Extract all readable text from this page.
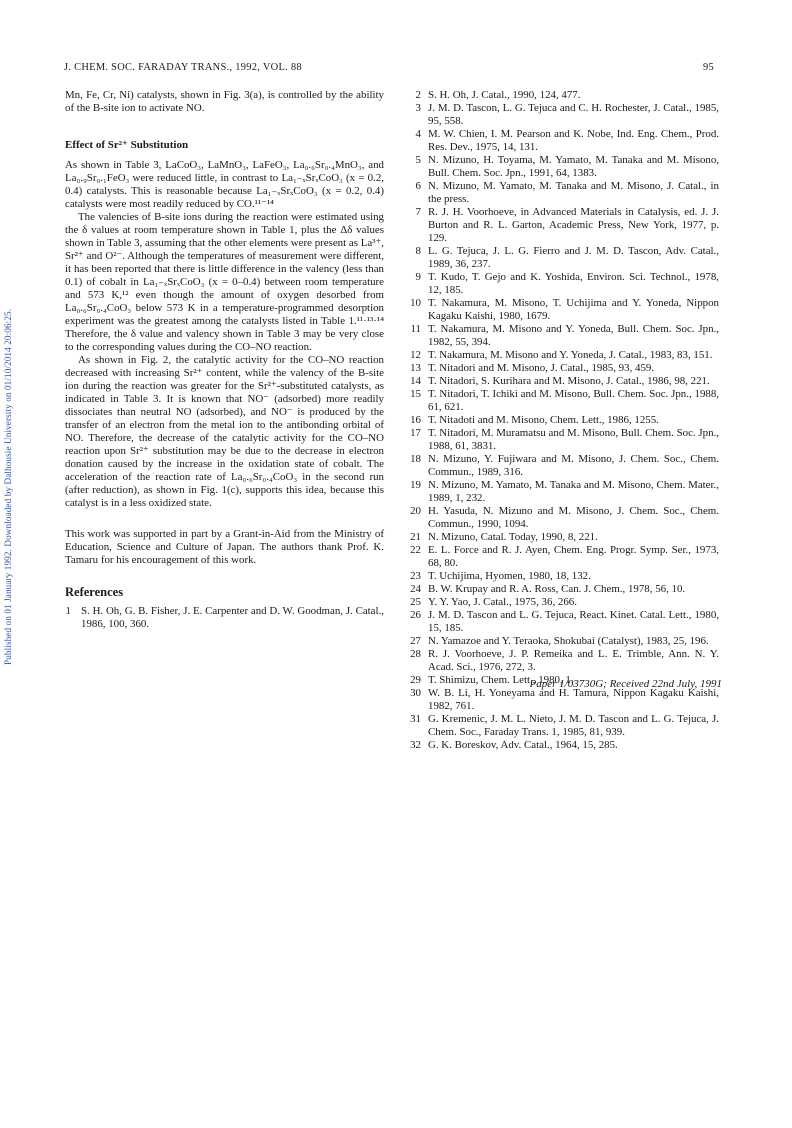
J. CHEM. SOC. FARADAY TRANS., 1992, VOL. 88	95
Published on 01 January 1992. Downloaded by Dalhousie University on 01/10/2014 20:06:25.

Mn, Fe, Cr, Ni) catalysts, shown in Fig. 3(a), is controlled by the ability of the B-site ion to activate NO.

Effect of Sr²⁺ Substitution

As shown in Table 3, LaCoO₃, LaMnO₃, LaFeO₃, La₀.₆Sr₀.₄MnO₃, and La₀.₉Sr₀.₁FeO₃ were reduced little, in contrast to La₁₋ₓSrₓCoO₃ (x = 0.2, 0.4) catalysts. This is reasonable because La₁₋ₓSrₓCoO₃ (x = 0.2, 0.4) catalysts were most readily reduced by CO.¹¹⁻¹⁴

The valencies of B-site ions during the reaction were estimated using the δ values at room temperature shown in Table 1, plus the Δδ values shown in Table 3, assuming that the other elements were present as La³⁺, Sr²⁺ and O²⁻. Although the temperatures of measurement were different, it has been reported that there is little difference in the valency (less than 0.1) of cobalt in La₁₋ₓSrₓCoO₃ (x = 0–0.4) between room temperature and 573 K,¹² even though the amount of oxygen desorbed from La₀.₆Sr₀.₄CoO₃ below 573 K in a temperature-programmed desorption experiment was the greatest among the catalysts listed in Table 1.¹¹·¹³·¹⁴ Therefore, the δ value and valency shown in Table 3 may be very close to the corresponding values during the CO–NO reaction.

As shown in Fig. 2, the catalytic activity for the CO–NO reaction decreased with increasing Sr²⁺ content, while the valency of the B-site ion during the reaction was greater for the Sr²⁺-substituted catalysts, as indicated in Table 3. It is known that NO⁻ (adsorbed) more readily dissociates than neutral NO (adsorbed), and NO⁻ is produced by the transfer of an electron from the metal ion to the antibonding orbital of NO. Therefore, the decrease of the catalytic activity for the CO–NO reaction upon Sr²⁺ substitution may be due to the decrease in electron donation caused by the increase in the oxidation state of cobalt. The acceleration of the reaction rate of La₀.₆Sr₀.₄CoO₃ in the second run (after reduction), as shown in Fig. 1(c), supports this idea, because this catalyst is in a less oxidized state.

This work was supported in part by a Grant-in-Aid from the Ministry of Education, Science and Culture of Japan. The authors thank Prof. K. Tamaru for his encouragement of this work.

References
1 S. H. Oh, G. B. Fisher, J. E. Carpenter and D. W. Goodman, J. Catal., 1986, 100, 360.
2 S. H. Oh, J. Catal., 1990, 124, 477.
3 J. M. D. Tascon, L. G. Tejuca and C. H. Rochester, J. Catal., 1985, 95, 558.
4 M. W. Chien, I. M. Pearson and K. Nobe, Ind. Eng. Chem., Prod. Res. Dev., 1975, 14, 131.
5 N. Mizuno, H. Toyama, M. Yamato, M. Tanaka and M. Misono, Bull. Chem. Soc. Jpn., 1991, 64, 1383.
6 N. Mizuno, M. Yamato, M. Tanaka and M. Misono, J. Catal., in the press.
7 R. J. H. Voorhoeve, in Advanced Materials in Catalysis, ed. J. J. Burton and R. L. Garton, Academic Press, New York, 1977, p. 129.
8 L. G. Tejuca, J. L. G. Fierro and J. M. D. Tascon, Adv. Catal., 1989, 36, 237.
9 T. Kudo, T. Gejo and K. Yoshida, Environ. Sci. Technol., 1978, 12, 185.
10 T. Nakamura, M. Misono, T. Uchijima and Y. Yoneda, Nippon Kagaku Kaishi, 1980, 1679.
11 T. Nakamura, M. Misono and Y. Yoneda, Bull. Chem. Soc. Jpn., 1982, 55, 394.
12 T. Nakamura, M. Misono and Y. Yoneda, J. Catal., 1983, 83, 151.
13 T. Nitadori and M. Misono, J. Catal., 1985, 93, 459.
14 T. Nitadori, S. Kurihara and M. Misono, J. Catal., 1986, 98, 221.
15 T. Nitadori, T. Ichiki and M. Misono, Bull. Chem. Soc. Jpn., 1988, 61, 621.
16 T. Nitadoti and M. Misono, Chem. Lett., 1986, 1255.
17 T. Nitadori, M. Muramatsu and M. Misono, Bull. Chem. Soc. Jpn., 1988, 61, 3831.
18 N. Mizuno, Y. Fujiwara and M. Misono, J. Chem. Soc., Chem. Commun., 1989, 316.
19 N. Mizuno, M. Yamato, M. Tanaka and M. Misono, Chem. Mater., 1989, 1, 232.
20 H. Yasuda, N. Mizuno and M. Misono, J. Chem. Soc., Chem. Commun., 1990, 1094.
21 N. Mizuno, Catal. Today, 1990, 8, 221.
22 E. L. Force and R. J. Ayen, Chem. Eng. Progr. Symp. Ser., 1973, 68, 80.
23 T. Uchijima, Hyomen, 1980, 18, 132.
24 B. W. Krupay and R. A. Ross, Can. J. Chem., 1978, 56, 10.
25 Y. Y. Yao, J. Catal., 1975, 36, 266.
26 J. M. D. Tascon and L. G. Tejuca, React. Kinet. Catal. Lett., 1980, 15, 185.
27 N. Yamazoe and Y. Teraoka, Shokubai (Catalyst), 1983, 25, 196.
28 R. J. Voorhoeve, J. P. Remeika and L. E. Trimble, Ann. N. Y. Acad. Sci., 1976, 272, 3.
29 T. Shimizu, Chem. Lett., 1980, 1.
30 W. B. Li, H. Yoneyama and H. Tamura, Nippon Kagaku Kaishi, 1982, 761.
31 G. Kremenic, J. M. L. Nieto, J. M. D. Tascon and L. G. Tejuca, J. Chem. Soc., Faraday Trans. 1, 1985, 81, 939.
32 G. K. Boreskov, Adv. Catal., 1964, 15, 285.
Paper 1/03730G; Received 22nd July, 1991
